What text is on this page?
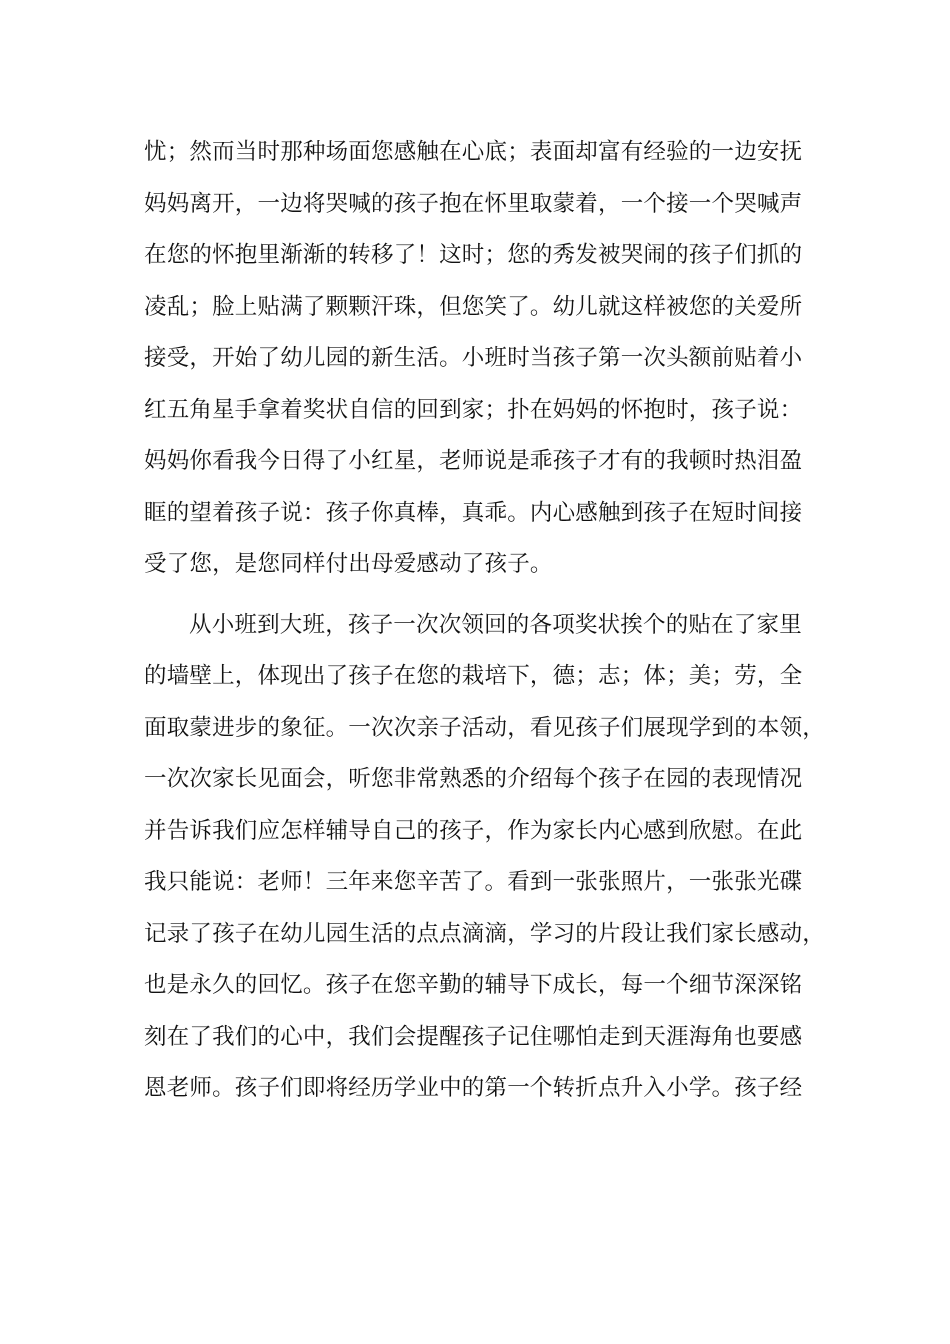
忧；然而当时那种场面您感触在心底；表面却富有经验的一边安抚
妈妈离开，一边将哭喊的孩子抱在怀里取蒙着，一个接一个哭喊声
在您的怀抱里渐渐的转移了！这时；您的秀发被哭闹的孩子们抓的
凌乱；脸上贴满了颗颗汗珠，但您笑了。幼儿就这样被您的关爱所
接受，开始了幼儿园的新生活。小班时当孩子第一次头额前贴着小
红五角星手拿着奖状自信的回到家；扑在妈妈的怀抱时，孩子说：
妈妈你看我今日得了小红星，老师说是乖孩子才有的我顿时热泪盈
眶的望着孩子说：孩子你真棒，真乖。内心感触到孩子在短时间接
受了您，是您同样付出母爱感动了孩子。
从小班到大班，孩子一次次领回的各项奖状挨个的贴在了家里
的墙壁上，体现出了孩子在您的栽培下，德；志；体；美；劳，全
面取蒙进步的象征。一次次亲子活动，看见孩子们展现学到的本领，
一次次家长见面会，听您非常熟悉的介绍每个孩子在园的表现情况
并告诉我们应怎样辅导自己的孩子，作为家长内心感到欣慰。在此
我只能说：老师！三年来您辛苦了。看到一张张照片，一张张光碟
记录了孩子在幼儿园生活的点点滴滴，学习的片段让我们家长感动，
也是永久的回忆。孩子在您辛勤的辅导下成长，每一个细节深深铭
刻在了我们的心中，我们会提醒孩子记住哪怕走到天涯海角也要感
恩老师。孩子们即将经历学业中的第一个转折点升入小学。孩子经
